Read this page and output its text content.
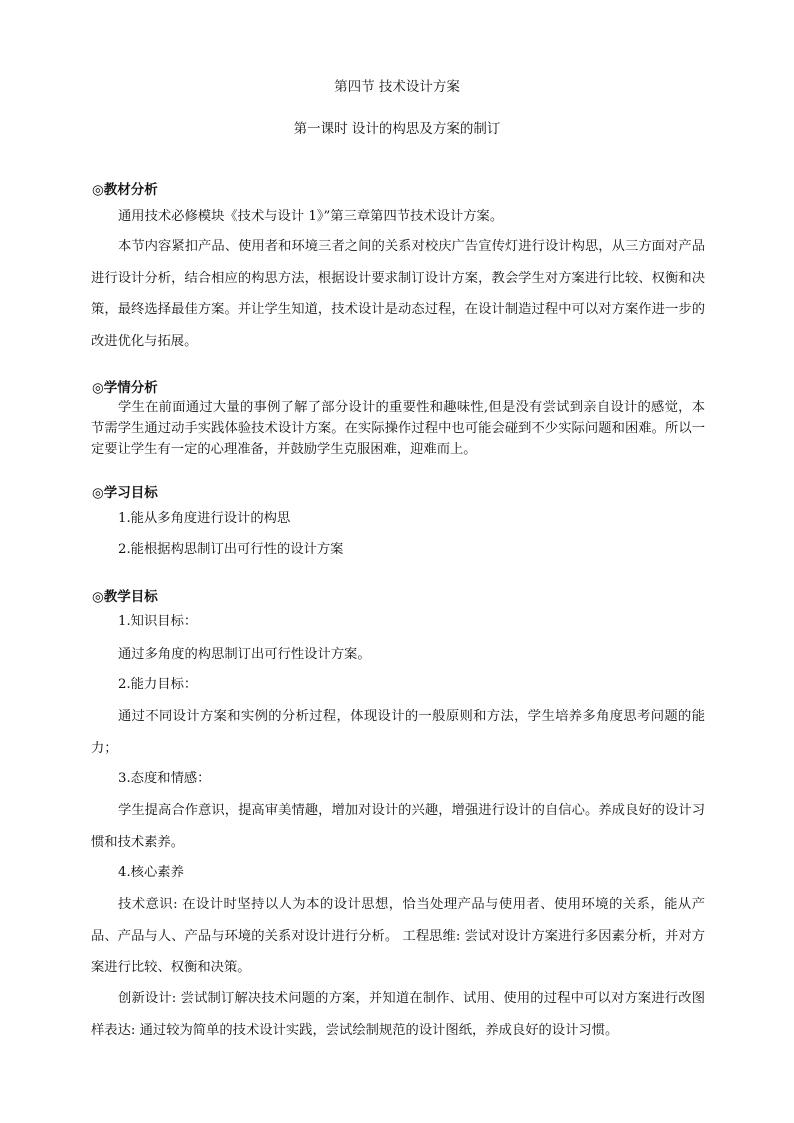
第四节 技术设计方案
第一课时 设计的构思及方案的制订
◎教材分析

通用技术必修模块《技术与设计 1》”第三章第四节技术设计方案。

本节内容紧扣产品、使用者和环境三者之间的关系对校庆广告宣传灯进行设计构思，从三方面对产品进行设计分析，结合相应的构思方法，根据设计要求制订设计方案，教会学生对方案进行比较、权衡和决策，最终选择最佳方案。并让学生知道，技术设计是动态过程，在设计制造过程中可以对方案作进一步的改进优化与拓展。

◎学情分析

学生在前面通过大量的事例了解了部分设计的重要性和趣味性,但是没有尝试到亲自设计的感觉，本节需学生通过动手实践体验技术设计方案。在实际操作过程中也可能会碰到不少实际问题和困难。所以一定要让学生有一定的心理准备，并鼓励学生克服困难，迎难而上。

◎学习目标
1.能从多角度进行设计的构思
2.能根据构思制订出可行性的设计方案
◎教学目标
1.知识目标：

通过多角度的构思制订出可行性设计方案。

2.能力目标：

通过不同设计方案和实例的分析过程，体现设计的一般原则和方法，学生培养多角度思考问题的能力；

3.态度和情感：

学生提高合作意识，提高审美情趣，增加对设计的兴趣，增强进行设计的自信心。养成良好的设计习惯和技术素养。

4.核心素养

技术意识: 在设计时坚持以人为本的设计思想，恰当处理产品与使用者、使用环境的关系，能从产品、产品与人、产品与环境的关系对设计进行分析。 工程思维: 尝试对设计方案进行多因素分析，并对方案进行比较、权衡和决策。

创新设计: 尝试制订解决技术问题的方案，并知道在制作、试用、使用的过程中可以对方案进行改图样表达: 通过较为简单的技术设计实践，尝试绘制规范的设计图纸，养成良好的设计习惯。
